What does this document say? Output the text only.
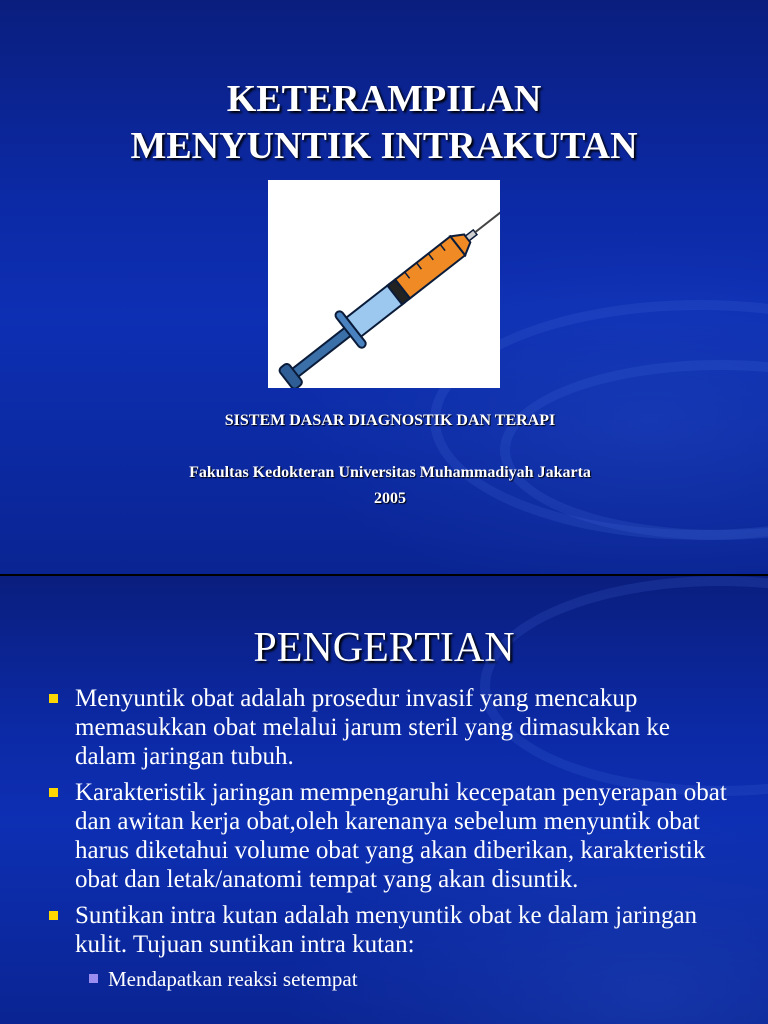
KETERAMPILAN
MENYUNTIK INTRAKUTAN
SISTEM DASAR DIAGNOSTIK DAN TERAPI
Fakultas Kedokteran Universitas Muhammadiyah Jakarta
2005
PENGERTIAN
Menyuntik obat adalah prosedur invasif yang mencakup memasukkan obat melalui jarum steril yang dimasukkan ke dalam jaringan tubuh.
Karakteristik jaringan mempengaruhi kecepatan penyerapan obat dan awitan kerja obat,oleh karenanya sebelum menyuntik obat harus diketahui volume obat yang akan diberikan, karakteristik obat dan letak/anatomi tempat yang akan disuntik.
Suntikan intra kutan adalah menyuntik obat ke dalam jaringan kulit. Tujuan suntikan intra kutan:
Mendapatkan reaksi setempat
